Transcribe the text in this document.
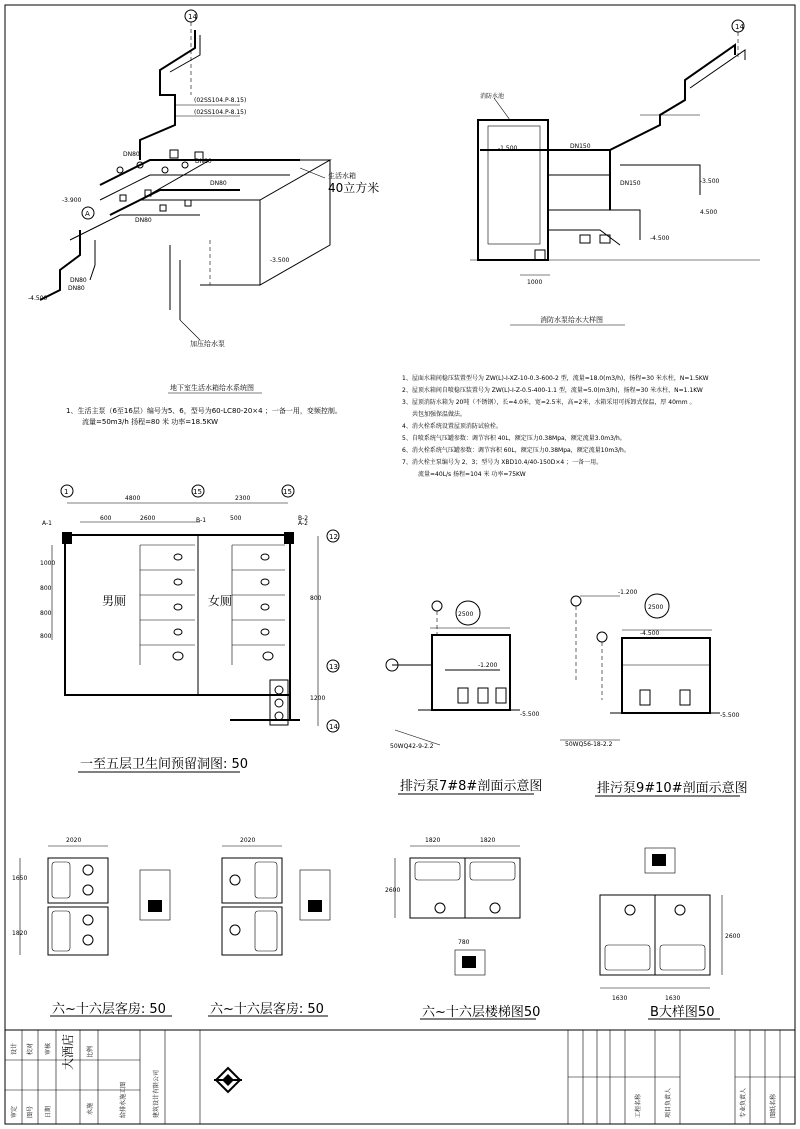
14
(02SS104.P-8.15)
(02SS104.P-8.15)
DN80
DN80
DN80
DN80
生活水箱
40立方米
A
DN80
DN80
-4.500
-3.500
-3.900
加压给水泵
地下室生活水箱给水系统图
14
消防水池
DN150
DN150
-1.500
-3.500
4.500
-4.500
1000
消防水泵给水大样图
1、生活主泵（6至16层）编号为5、6，型号为60-LC80-20×4 ；一备一用，变频控制。
流量=50m3/h 扬程=80 米 功率=18.5KW
1、屋面水箱间稳压装置型号为 ZW(L)-I-XZ-10-0.3-600-2 型，流量=18.0(m3/h)，扬程=30 米水柱，N=1.5KW
2、屋顶水箱间自喷稳压装置号为 ZW(L)-I-Z-0.5-400-1.1 型，流量=5.0(m3/h)，扬程=30 米水柱，N=1.1KW
3、屋顶消防水箱为 20吨（不锈钢），长=4.0米，宽=2.5米，高=2米，水箱采用可拆卸式保温，厚 40mm 。
共包加强保温做法。
4、消火栓系统设置屋顶消防试验栓。
5、自喷系统气压罐参数：调节容积 40L，额定压力0.38Mpa，额定流量3.0m3/h。
6、消火栓系统气压罐参数：调节容积 60L，额定压力0.38Mpa，额定流量10m3/h。
7、消火栓主泵编号为 2、3；型号为 XBD10.4/40-150D×4 ；一备一用。
流量=40L/s 扬程=104 米 功率=75KW
1	15	15
4800	2300
600	2600	500
12
13
14
800
1200
1000
800
800
800
男厕	女厕
A-1	B-1	A-2
B-2
一至五层卫生间预留洞图: 50
2500
-1.200
-5.500
50WQ42-9-2.2
排污泵7#8#剖面示意图
-1.200
2500
-4.500
-5.500
50WQ56-18-2.2
排污泵9#10#剖面示意图
2020
1650
1820
六~十六层客房: 50
2020
六~十六层客房: 50
1820	1820
2600
780
六~十六层楼梯图50
2600
1630	1630
B大样图50
设计 校对 审核
审定 图号 日期
大酒店
水施
比例
给排水施工图	建筑设计有限公司	工程名称	项目负责人	专业负责人	图纸名称
